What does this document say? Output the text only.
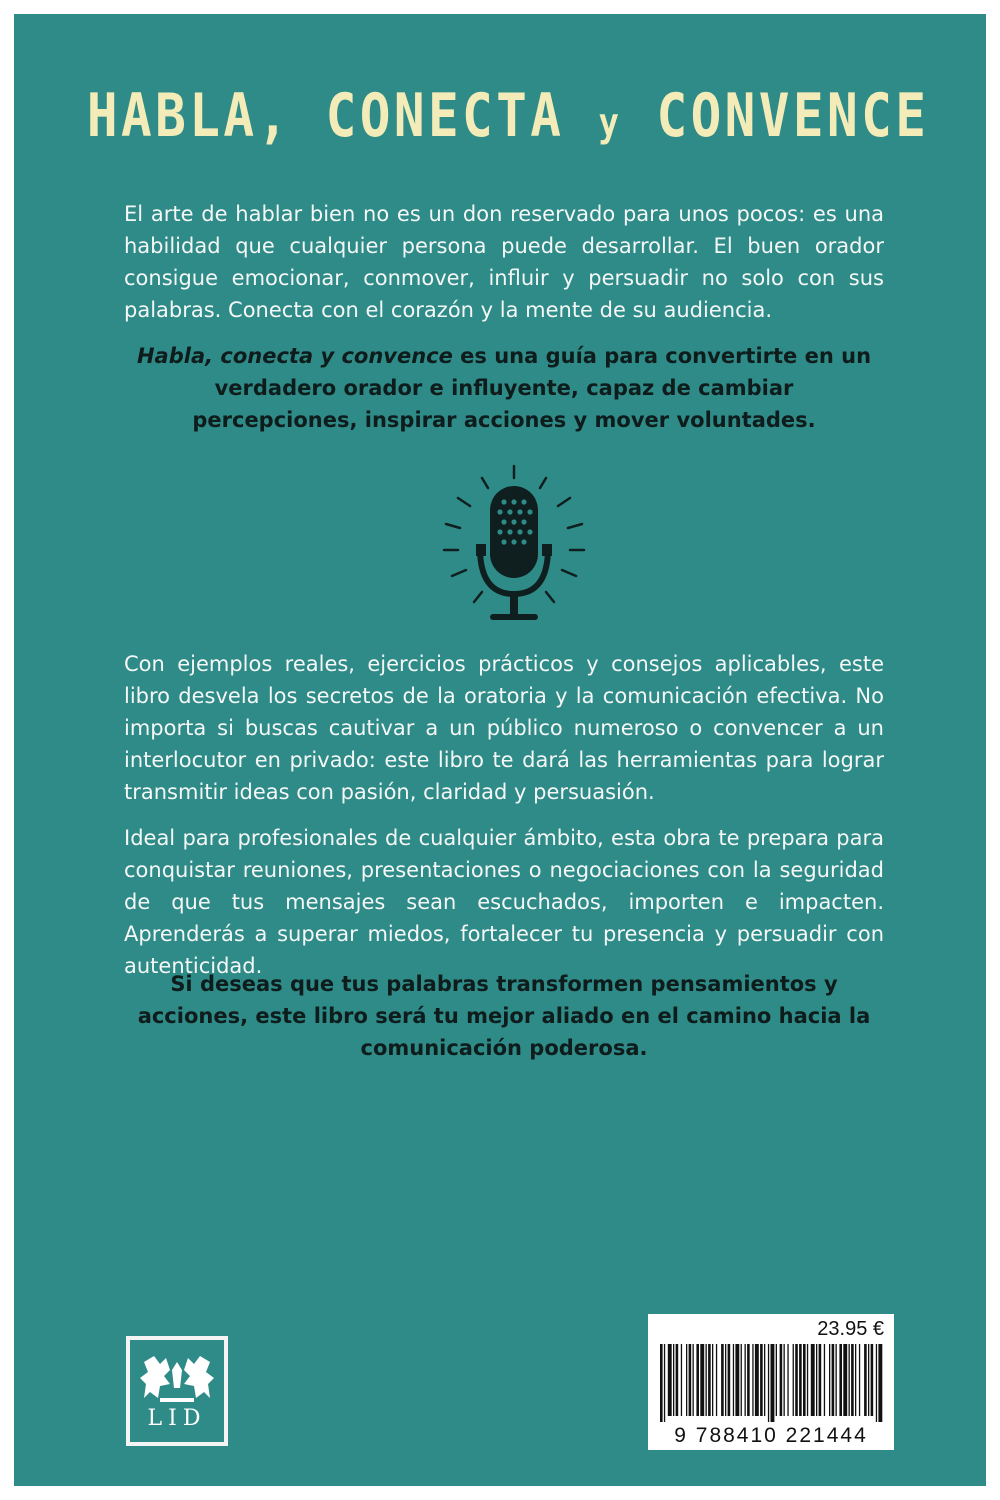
HABLA, CONECTA y CONVENCE

El arte de hablar bien no es un don reservado para unos pocos: es una habilidad que cualquier persona puede desarrollar. El buen orador consigue emocionar, conmover, influir y persuadir no solo con sus palabras. Conecta con el corazón y la mente de su audiencia.

Habla, conecta y convence es una guía para convertirte en un verdadero orador e influyente, capaz de cambiar percepciones, inspirar acciones y mover voluntades.

Con ejemplos reales, ejercicios prácticos y consejos aplicables, este libro desvela los secretos de la oratoria y la comunicación efectiva. No importa si buscas cautivar a un público numeroso o convencer a un interlocutor en privado: este libro te dará las herramientas para lograr transmitir ideas con pasión, claridad y persuasión.

Ideal para profesionales de cualquier ámbito, esta obra te prepara para conquistar reuniones, presentaciones o negociaciones con la seguridad de que tus mensajes sean escuchados, importen e impacten. Aprenderás a superar miedos, fortalecer tu presencia y persuadir con autenticidad.

Si deseas que tus palabras transformen pensamientos y acciones, este libro será tu mejor aliado en el camino hacia la comunicación poderosa.

LID
23.95 €
9 788410 221444
